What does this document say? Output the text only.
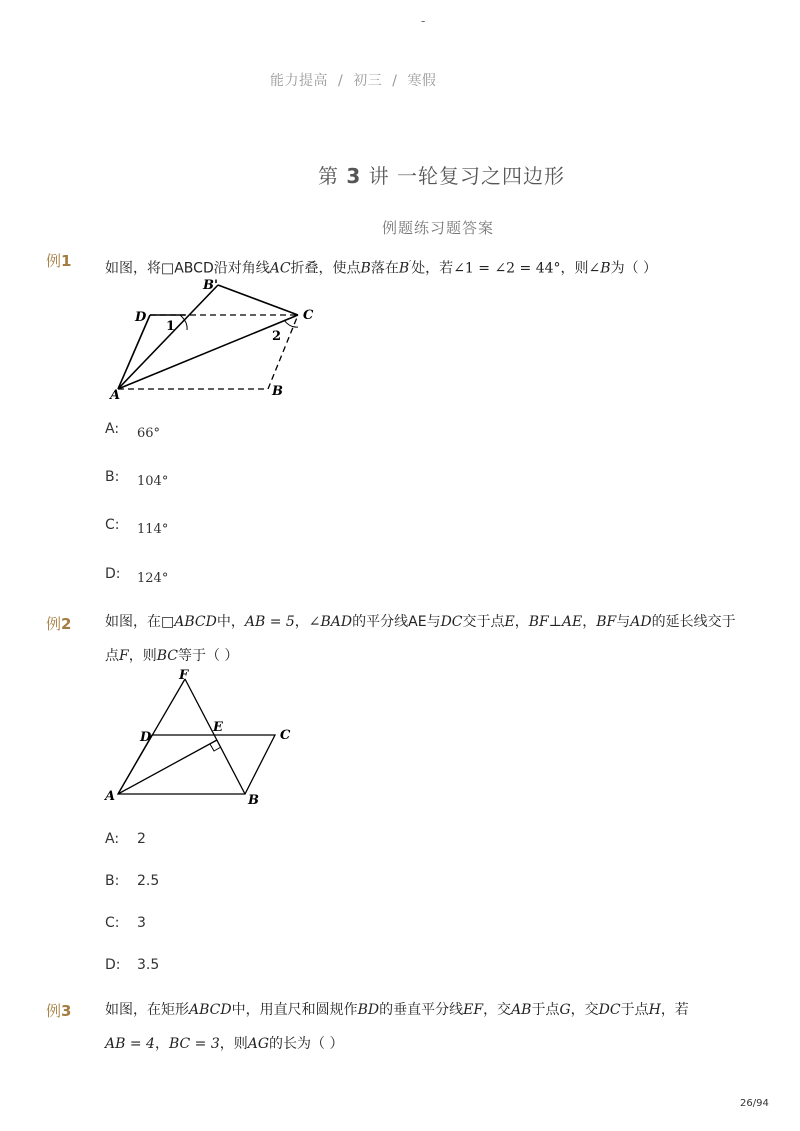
-
能力提高 / 初三 / 寒假
第 3 讲 一轮复习之四边形
例题练习题答案
例1 如图，将□ABCD沿对角线AC折叠，使点B落在B′处，若∠1 = ∠2 = 44°，则∠B为（ ）
A	B
C
D
B'
1
2
A: 66°
B: 104°
C: 114°
D: 124°
例2 如图，在□ABCD中，AB = 5，∠BAD的平分线AE与DC交于点E，BF⊥AE，BF与AD的延长线交于
点F，则BC等于（ ）
A	B
C
D
E
F
A: 2
B: 2.5
C: 3
D: 3.5
例3 如图，在矩形ABCD中，用直尺和圆规作BD的垂直平分线EF，交AB于点G，交DC于点H，若
AB = 4，BC = 3，则AG的长为（ ）
26/94
